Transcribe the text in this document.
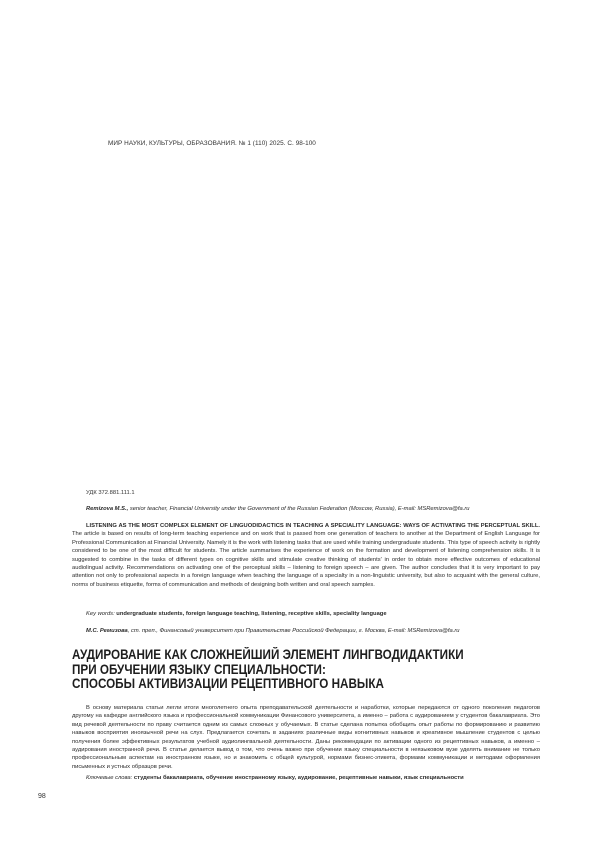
МИР НАУКИ, КУЛЬТУРЫ, ОБРАЗОВАНИЯ. № 1 (110) 2025. С. 98-100
УДК 372.881.111.1
Remizova M.S., senior teacher, Financial University under the Government of the Russian Federation (Moscow, Russia), E-mail: MSRemizova@fa.ru
LISTENING AS THE MOST COMPLEX ELEMENT OF LINGUODIDACTICS IN TEACHING A SPECIALITY LANGUAGE: WAYS OF ACTIVATING THE PERCEPTUAL SKILL. The article is based on results of long-term teaching experience and on work that is passed from one generation of teachers to another at the Department of English Language for Professional Communication at Financial University. Namely it is the work with listening tasks that are used while training undergraduate students. This type of speech activity is rightly considered to be one of the most difficult for students. The article summarises the experience of work on the formation and development of listening comprehension skills. It is suggested to combine in the tasks of different types on cognitive skills and stimulate creative thinking of students' in order to obtain more effective outcomes of educational audiolingual activity. Recommendations on activating one of the perceptual skills – listening to foreign speech – are given. The author concludes that it is very important to pay attention not only to professional aspects in a foreign language when teaching the language of a specialty in a non-linguistic university, but also to acquaint with the general culture, norms of business etiquette, forms of communication and methods of designing both written and oral speech samples.
Key words: undergraduate students, foreign language teaching, listening, receptive skills, speciality language
М.С. Ремизова, ст. преп., Финансовый университет при Правительстве Российской Федерации, г. Москва, E-mail: MSRemizova@fa.ru
АУДИРОВАНИЕ КАК СЛОЖНЕЙШИЙ ЭЛЕМЕНТ ЛИНГВОДИДАКТИКИ
ПРИ ОБУЧЕНИИ ЯЗЫКУ СПЕЦИАЛЬНОСТИ:
СПОСОБЫ АКТИВИЗАЦИИ РЕЦЕПТИВНОГО НАВЫКА
В основу материала статьи легли итоги многолетнего опыта преподавательской деятельности и наработки, которые передаются от одного поколения педагогов другому на кафедре английского языка и профессиональной коммуникации Финансового университета, а именно – работа с аудированием у студентов бакалавриата. Это вид речевой деятельности по праву считается одним из самых сложных у обучаемых. В статье сделана попытка обобщить опыт работы по формированию и развитию навыков восприятия иноязычной речи на слух. Предлагается сочетать в заданиях различные виды когнитивных навыков и креативное мышление студентов с целью получения более эффективных результатов учебной аудиолингвальной деятельности. Даны рекомендации по активации одного из рецептивных навыков, а именно – аудирования иностранной речи. В статье делается вывод о том, что очень важно при обучении языку специальности в неязыковом вузе уделять внимание не только профессиональным аспектам на иностранном языке, но и знакомить с общей культурой, нормами бизнес-этикета, формами коммуникации и методами оформления письменных и устных образцов речи.
Ключевые слова: студенты бакалавриата, обучение иностранному языку, аудирование, рецептивные навыки, язык специальности
98
